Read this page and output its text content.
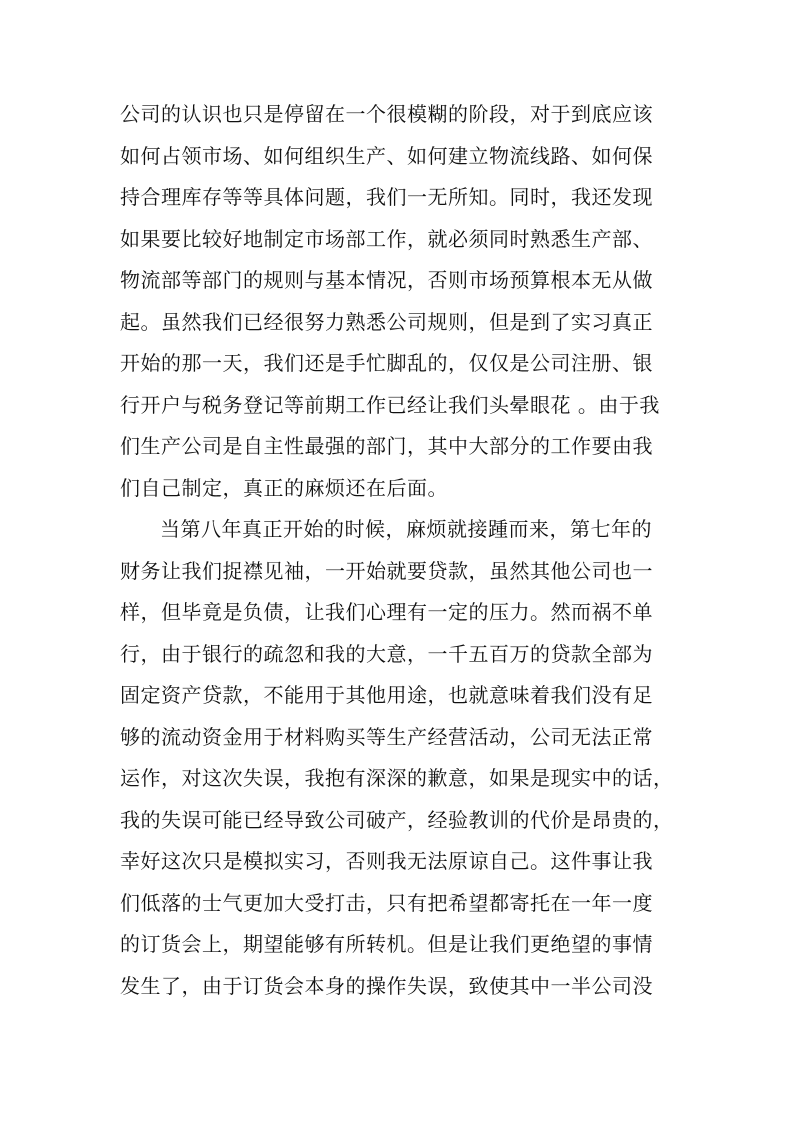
公司的认识也只是停留在一个很模糊的阶段，对于到底应该
如何占领市场、如何组织生产、如何建立物流线路、如何保
持合理库存等等具体问题，我们一无所知。同时，我还发现
如果要比较好地制定市场部工作，就必须同时熟悉生产部、
物流部等部门的规则与基本情况，否则市场预算根本无从做
起。虽然我们已经很努力熟悉公司规则，但是到了实习真正
开始的那一天，我们还是手忙脚乱的，仅仅是公司注册、银
行开户与税务登记等前期工作已经让我们头晕眼花 。由于我
们生产公司是自主性最强的部门，其中大部分的工作要由我
们自己制定，真正的麻烦还在后面。
当第八年真正开始的时候，麻烦就接踵而来，第七年的
财务让我们捉襟见袖，一开始就要贷款，虽然其他公司也一
样，但毕竟是负债，让我们心理有一定的压力。然而祸不单
行，由于银行的疏忽和我的大意，一千五百万的贷款全部为
固定资产贷款，不能用于其他用途，也就意味着我们没有足
够的流动资金用于材料购买等生产经营活动，公司无法正常
运作，对这次失误，我抱有深深的歉意，如果是现实中的话，
我的失误可能已经导致公司破产，经验教训的代价是昂贵的，
幸好这次只是模拟实习，否则我无法原谅自己。这件事让我
们低落的士气更加大受打击，只有把希望都寄托在一年一度
的订货会上，期望能够有所转机。但是让我们更绝望的事情
发生了，由于订货会本身的操作失误，致使其中一半公司没
